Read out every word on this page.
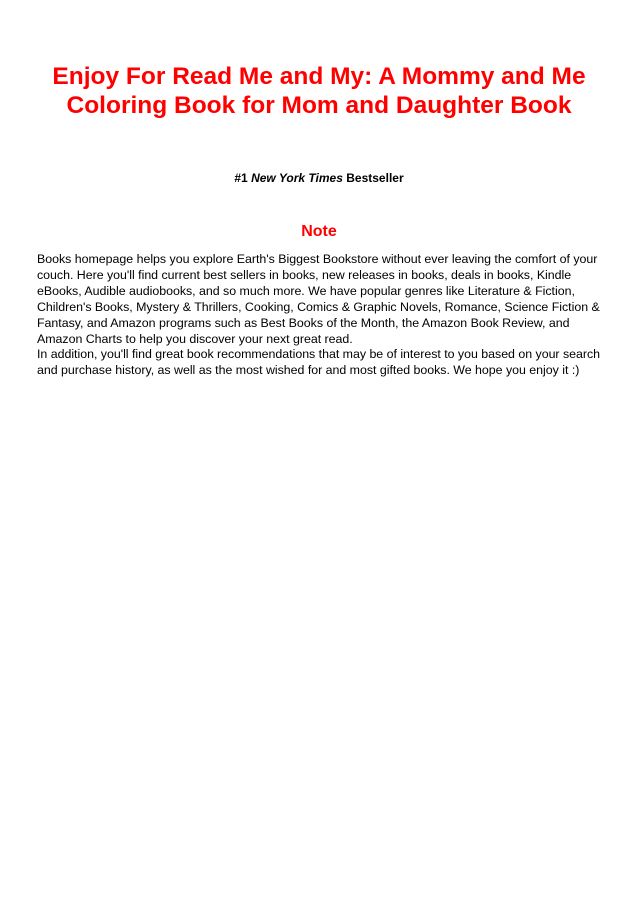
Enjoy For Read Me and My: A Mommy and Me Coloring Book for Mom and Daughter Book
#1 New York Times Bestseller
Note

Books homepage helps you explore Earth's Biggest Bookstore without ever leaving the comfort of your couch. Here you'll find current best sellers in books, new releases in books, deals in books, Kindle eBooks, Audible audiobooks, and so much more. We have popular genres like Literature & Fiction, Children's Books, Mystery & Thrillers, Cooking, Comics & Graphic Novels, Romance, Science Fiction & Fantasy, and Amazon programs such as Best Books of the Month, the Amazon Book Review, and Amazon Charts to help you discover your next great read.

In addition, you'll find great book recommendations that may be of interest to you based on your search and purchase history, as well as the most wished for and most gifted books. We hope you enjoy it :)
